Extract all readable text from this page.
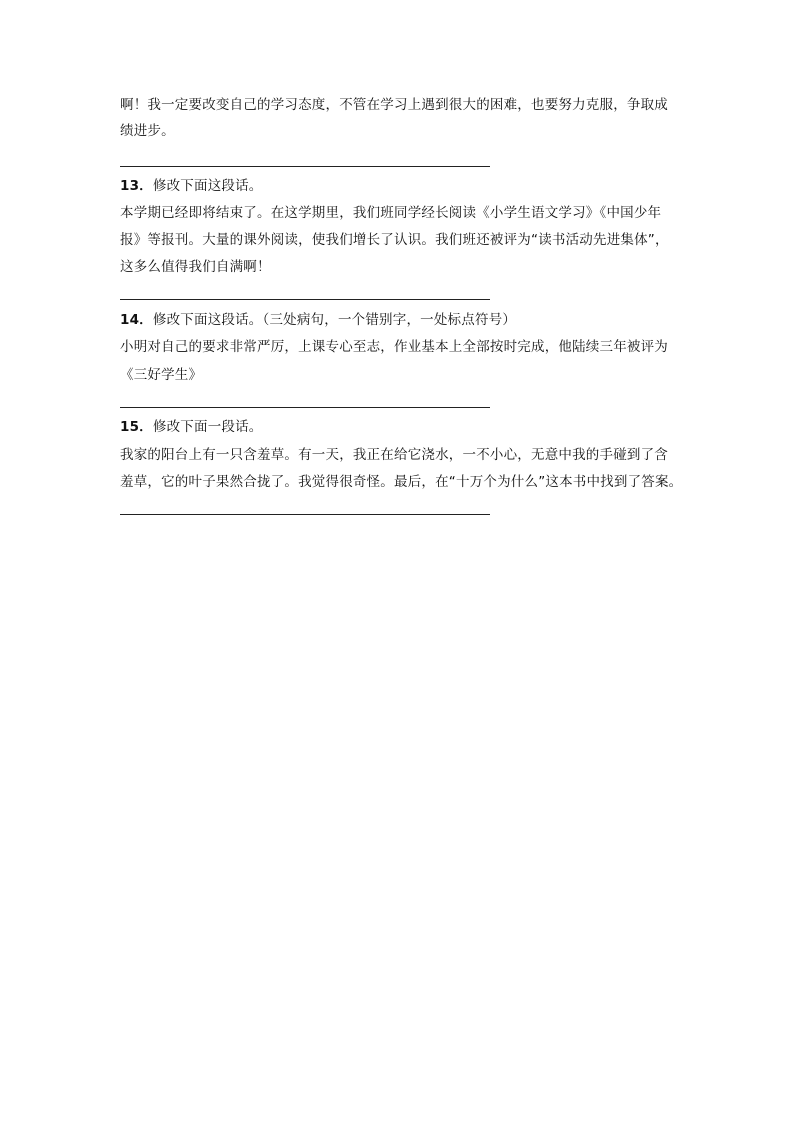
啊！我一定要改变自己的学习态度，不管在学习上遇到很大的困难，也要努力克服，争取成
绩进步。
13．修改下面这段话。
本学期已经即将结束了。在这学期里，我们班同学经长阅读《小学生语文学习》《中国少年
报》等报刊。大量的课外阅读，使我们增长了认识。我们班还被评为“读书活动先进集体”，
这多么值得我们自满啊！
14．修改下面这段话。（三处病句，一个错别字，一处标点符号）
小明对自己的要求非常严厉，上课专心至志，作业基本上全部按时完成，他陆续三年被评为
《三好学生》
15．修改下面一段话。
我家的阳台上有一只含羞草。有一天，我正在给它浇水，一不小心，无意中我的手碰到了含
羞草，它的叶子果然合拢了。我觉得很奇怪。最后，在“十万个为什么”这本书中找到了答案。
